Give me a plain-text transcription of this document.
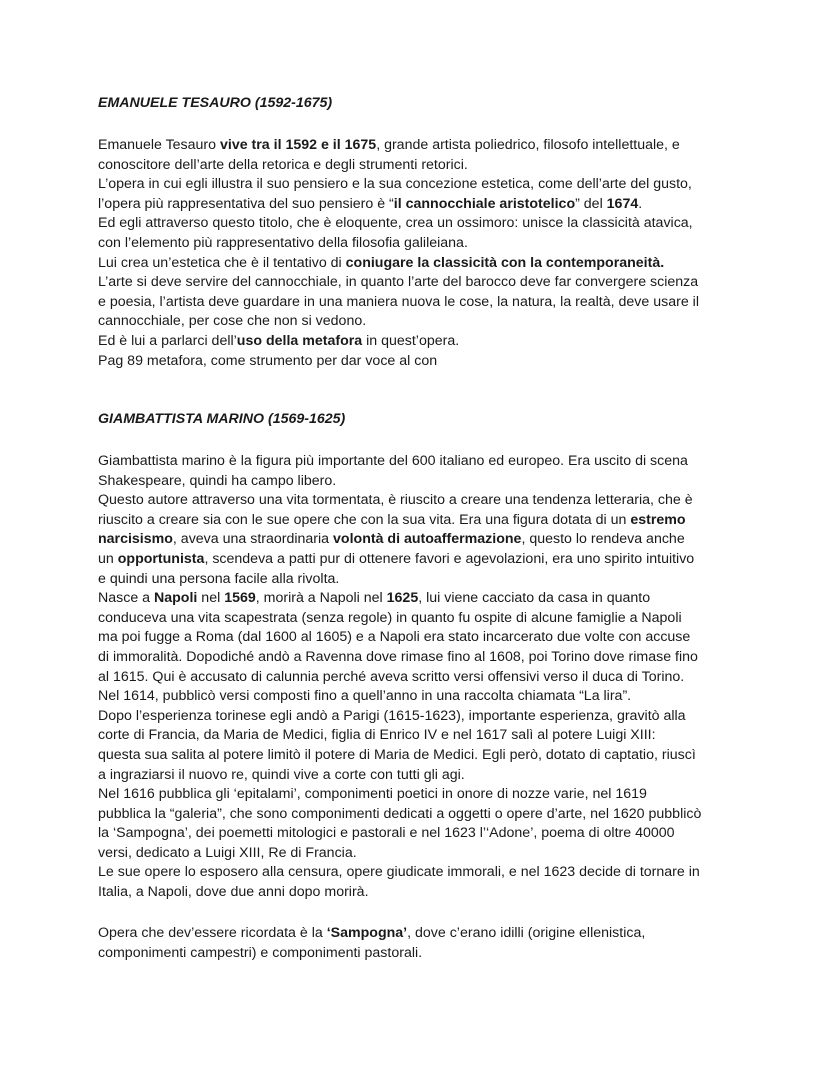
EMANUELE TESAURO (1592-1675)

Emanuele Tesauro vive tra il 1592 e il 1675, grande artista poliedrico, filosofo intellettuale, e
conoscitore dell’arte della retorica e degli strumenti retorici.
L’opera in cui egli illustra il suo pensiero e la sua concezione estetica, come dell’arte del gusto,
l’opera più rappresentativa del suo pensiero è “il cannocchiale aristotelico” del 1674.
Ed egli attraverso questo titolo, che è eloquente, crea un ossimoro: unisce la classicità atavica,
con l’elemento più rappresentativo della filosofia galileiana.
Lui crea un’estetica che è il tentativo di coniugare la classicità con la contemporaneità.
L’arte si deve servire del cannocchiale, in quanto l’arte del barocco deve far convergere scienza
e poesia, l’artista deve guardare in una maniera nuova le cose, la natura, la realtà, deve usare il
cannocchiale, per cose che non si vedono.
Ed è lui a parlarci dell’uso della metafora in quest’opera.
Pag 89 metafora, come strumento per dar voce al con

GIAMBATTISTA MARINO (1569-1625)

Giambattista marino è la figura più importante del 600 italiano ed europeo. Era uscito di scena
Shakespeare, quindi ha campo libero.
Questo autore attraverso una vita tormentata, è riuscito a creare una tendenza letteraria, che è
riuscito a creare sia con le sue opere che con la sua vita. Era una figura dotata di un estremo
narcisismo, aveva una straordinaria volontà di autoaffermazione, questo lo rendeva anche
un opportunista, scendeva a patti pur di ottenere favori e agevolazioni, era uno spirito intuitivo
e quindi una persona facile alla rivolta.
Nasce a Napoli nel 1569, morirà a Napoli nel 1625, lui viene cacciato da casa in quanto
conduceva una vita scapestrata (senza regole) in quanto fu ospite di alcune famiglie a Napoli
ma poi fugge a Roma (dal 1600 al 1605) e a Napoli era stato incarcerato due volte con accuse
di immoralità. Dopodiché andò a Ravenna dove rimase fino al 1608, poi Torino dove rimase fino
al 1615. Qui è accusato di calunnia perché aveva scritto versi offensivi verso il duca di Torino.
Nel 1614, pubblicò versi composti fino a quell’anno in una raccolta chiamata “La lira”.
Dopo l’esperienza torinese egli andò a Parigi (1615-1623), importante esperienza, gravitò alla
corte di Francia, da Maria de Medici, figlia di Enrico IV e nel 1617 salì al potere Luigi XIII:
questa sua salita al potere limitò il potere di Maria de Medici. Egli però, dotato di captatio, riuscì
a ingraziarsi il nuovo re, quindi vive a corte con tutti gli agi.
Nel 1616 pubblica gli ‘epitalami’, componimenti poetici in onore di nozze varie, nel 1619
pubblica la “galeria”, che sono componimenti dedicati a oggetti o opere d’arte, nel 1620 pubblicò
la ‘Sampogna’, dei poemetti mitologici e pastorali e nel 1623 l’‘Adone’, poema di oltre 40000
versi, dedicato a Luigi XIII, Re di Francia.
Le sue opere lo esposero alla censura, opere giudicate immorali, e nel 1623 decide di tornare in
Italia, a Napoli, dove due anni dopo morirà.
Opera che dev’essere ricordata è la ‘Sampogna’, dove c’erano idilli (origine ellenistica,
componimenti campestri) e componimenti pastorali.
